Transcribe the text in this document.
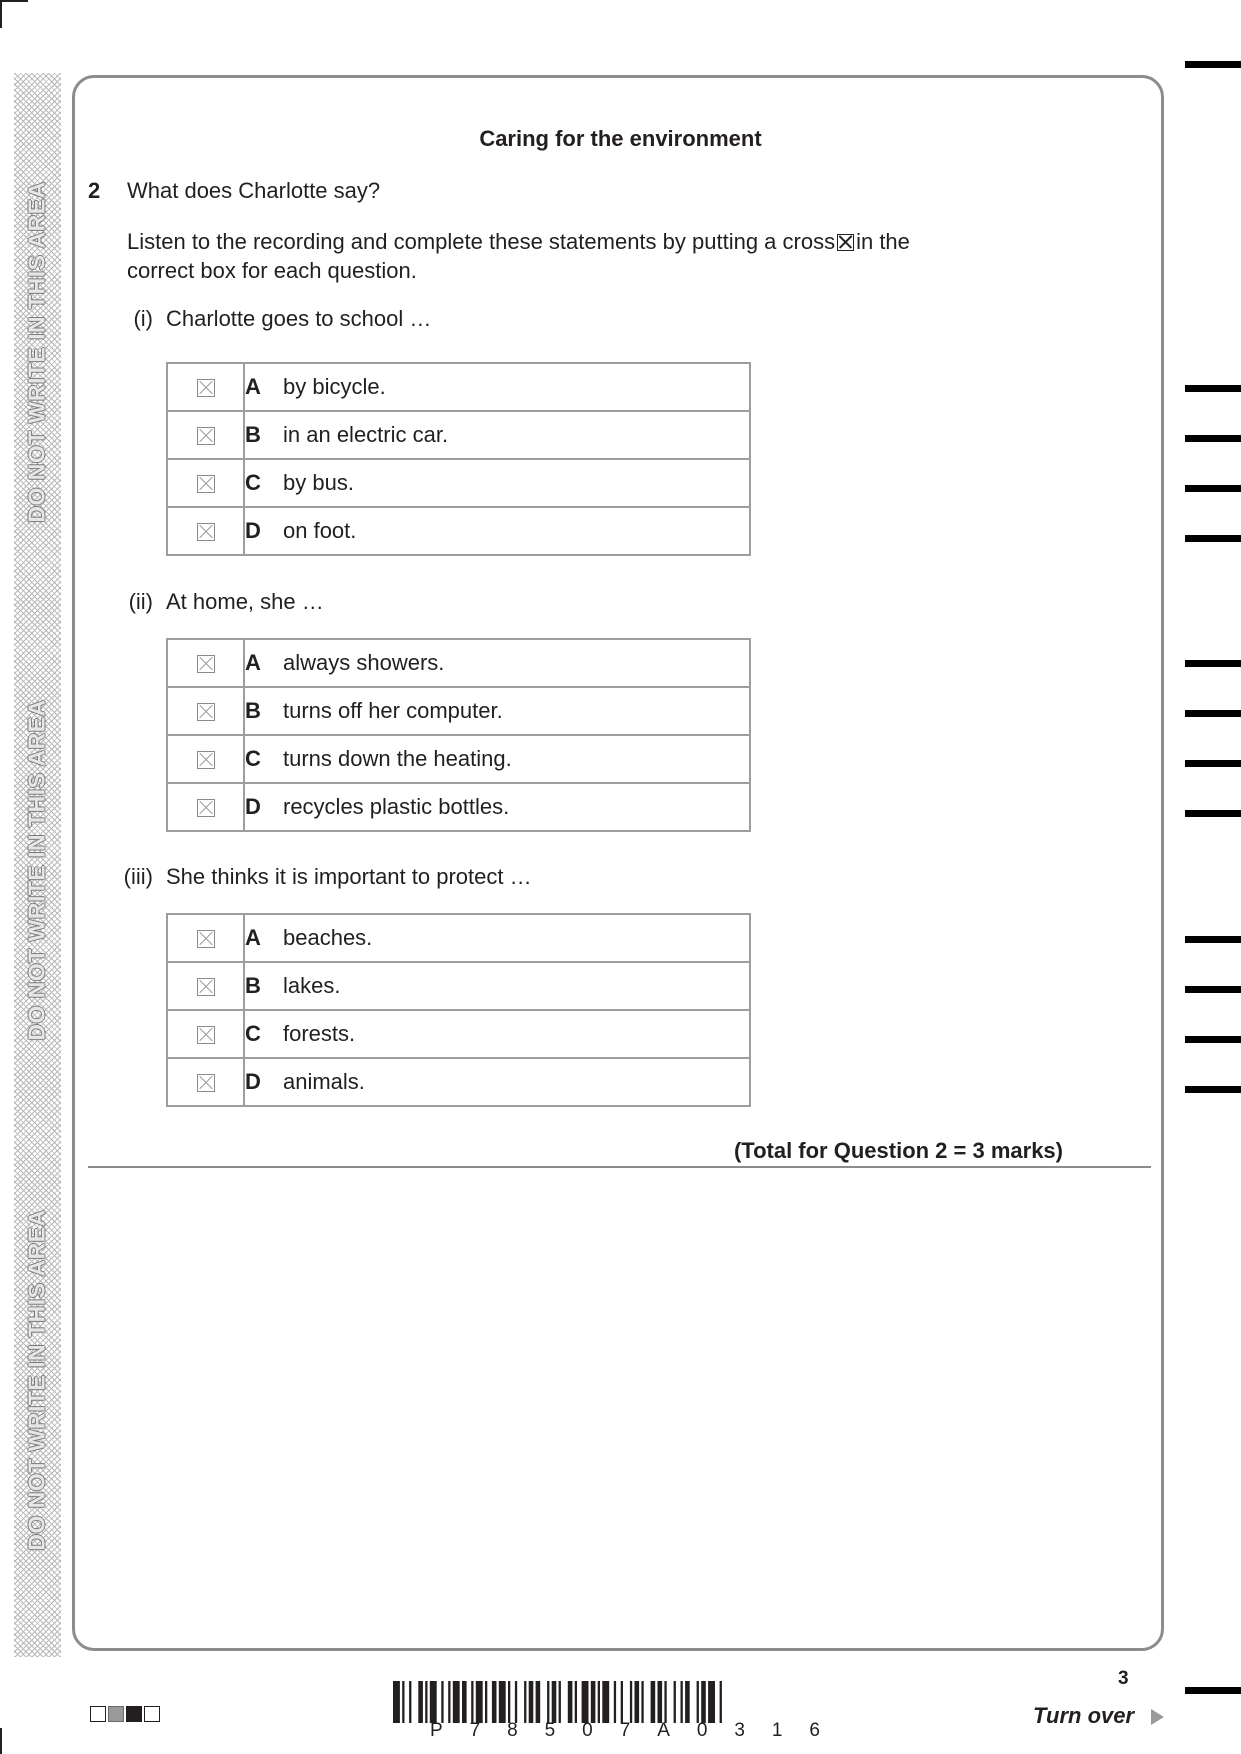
DO NOT WRITE IN THIS AREA
DO NOT WRITE IN THIS AREA
DO NOT WRITE IN THIS AREA
Caring for the environment
2 What does Charlotte say?
Listen to the recording and complete these statements by putting a cross ☒ in the
correct box for each question.
(i) Charlotte goes to school …
	A by bicycle.
	B in an electric car.
	C by bus.
	D on foot.
(ii) At home, she …
	A always showers.
	B turns off her computer.
	C turns down the heating.
	D recycles plastic bottles.
(iii) She thinks it is important to protect …
	A beaches.
	B lakes.
	C forests.
	D animals.
(Total for Question 2 = 3 marks)
P 7 8 5 0 7 A 0 3 1 6
3
Turn over
